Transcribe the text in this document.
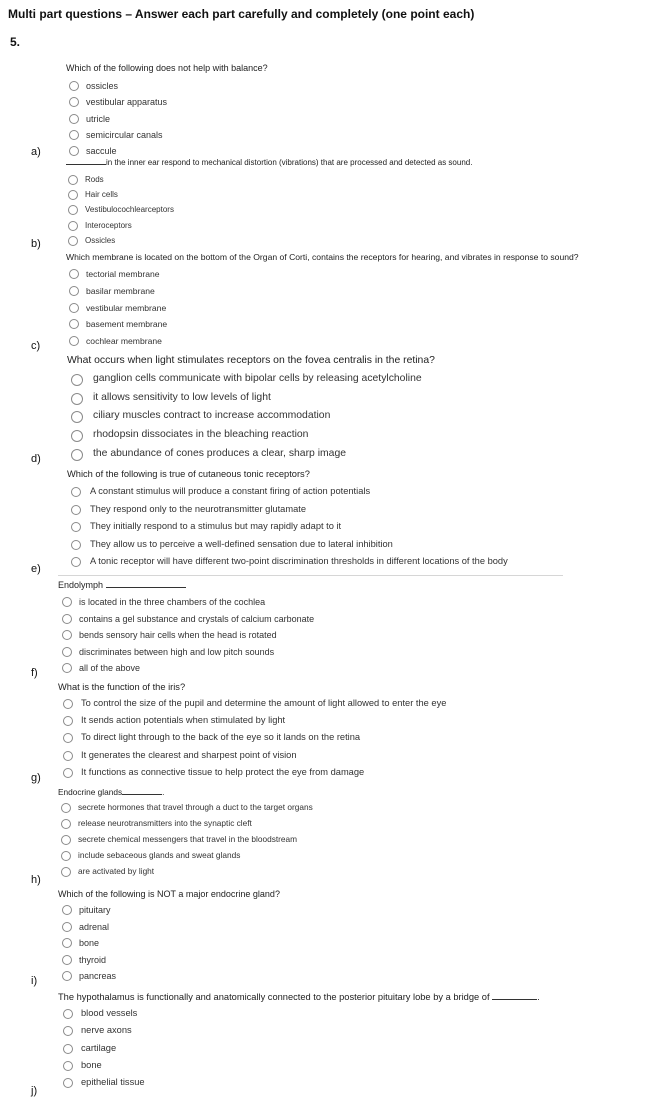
Multi part questions – Answer each part carefully and completely (one point each)
5.
a)
b)
c)
d)
e)
f)
g)
h)
i)
j)
Which of the following does not help with balance?
ossicles
vestibular apparatus
utricle
semicircular canals
saccule
in the inner ear respond to mechanical distortion (vibrations) that are processed and detected as sound.
Rods
Hair cells
Vestibulocochlearceptors
Interoceptors
Ossicles
Which membrane is located on the bottom of the Organ of Corti, contains the receptors for hearing, and vibrates in response to sound?
tectorial membrane
basilar membrane
vestibular membrane
basement membrane
cochlear membrane
What occurs when light stimulates receptors on the fovea centralis in the retina?
ganglion cells communicate with bipolar cells by releasing acetylcholine
it allows sensitivity to low levels of light
ciliary muscles contract to increase accommodation
rhodopsin dissociates in the bleaching reaction
the abundance of cones produces a clear, sharp image
Which of the following is true of cutaneous tonic receptors?
A constant stimulus will produce a constant firing of action potentials
They respond only to the neurotransmitter glutamate
They initially respond to a stimulus but may rapidly adapt to it
They allow us to perceive a well-defined sensation due to lateral inhibition
A tonic receptor will have different two-point discrimination thresholds in different locations of the body
Endolymph
is located in the three chambers of the cochlea
contains a gel substance and crystals of calcium carbonate
bends sensory hair cells when the head is rotated
discriminates between high and low pitch sounds
all of the above
What is the function of the iris?
To control the size of the pupil and determine the amount of light allowed to enter the eye
It sends action potentials when stimulated by light
To direct light through to the back of the eye so it lands on the retina
It generates the clearest and sharpest point of vision
It functions as connective tissue to help protect the eye from damage
Endocrine glands	.
secrete hormones that travel through a duct to the target organs
release neurotransmitters into the synaptic cleft
secrete chemical messengers that travel in the bloodstream
include sebaceous glands and sweat glands
are activated by light
Which of the following is NOT a major endocrine gland?
pituitary
adrenal
bone
thyroid
pancreas
The hypothalamus is functionally and anatomically connected to the posterior pituitary lobe by a bridge of	.
blood vessels
nerve axons
cartilage
bone
epithelial tissue
